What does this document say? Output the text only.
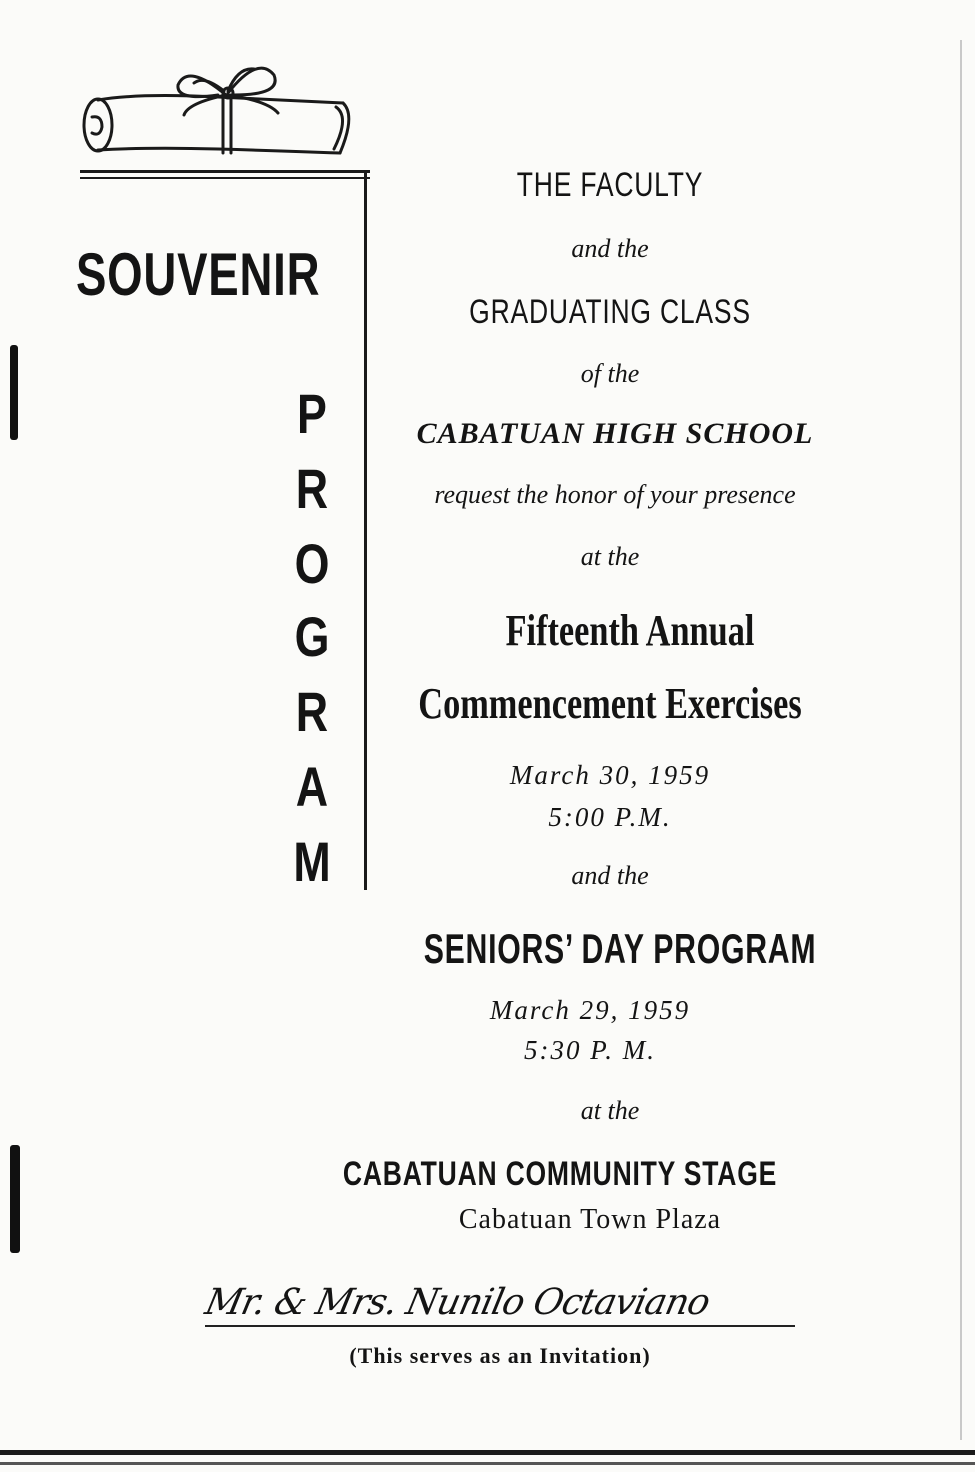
SOUVENIR
P
R
O
G
R
A
M
THE FACULTY
and the
GRADUATING CLASS
of the
CABATUAN HIGH SCHOOL
request the honor of your presence
at the
Fifteenth Annual
Commencement Exercises
March 30, 1959
5:00 P.M.
and the
SENIORS’ DAY PROGRAM
March 29, 1959
5:30 P. M.
at the
CABATUAN COMMUNITY STAGE
Cabatuan Town Plaza
Mr. & Mrs. Nunilo Octaviano
(This serves as an Invitation)
